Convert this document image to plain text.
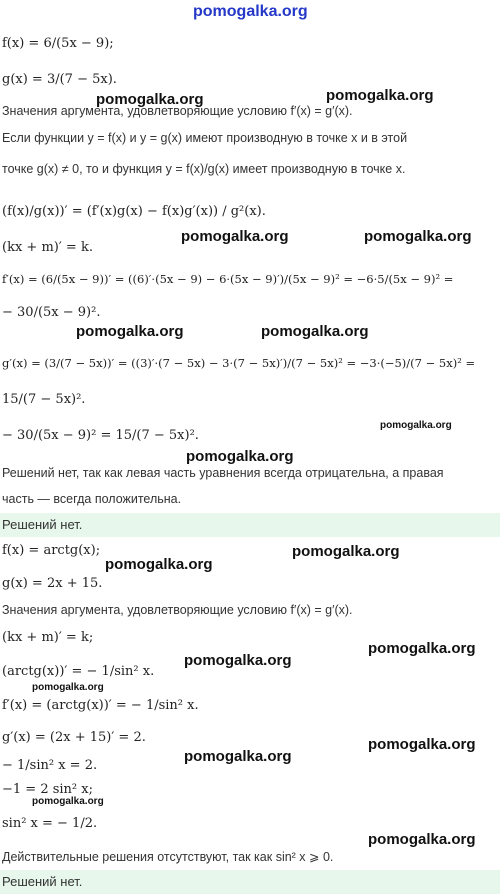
pomogalka.org
f(x) = 6/(5x − 9);
g(x) = 3/(7 − 5x).
pomogalka.org	pomogalka.org
Значения аргумента, удовлетворяющие условию f′(x) = g′(x).
Если функции y = f(x) и y = g(x) имеют производную в точке x и в этой
точке g(x) ≠ 0, то и функция y = f(x)/g(x) имеет производную в точке x.
(f(x)/g(x))′ = (f′(x)g(x) − f(x)g′(x)) / g²(x).
pomogalka.org	pomogalka.org
(kx + m)′ = k.
f′(x) = (6/(5x − 9))′ = ((6)′·(5x − 9) − 6·(5x − 9)′)/(5x − 9)² = −6·5/(5x − 9)² =
− 30/(5x − 9)².
pomogalka.org	pomogalka.org
g′(x) = (3/(7 − 5x))′ = ((3)′·(7 − 5x) − 3·(7 − 5x)′)/(7 − 5x)² = −3·(−5)/(7 − 5x)² =
15/(7 − 5x)².
pomogalka.org
− 30/(5x − 9)² = 15/(7 − 5x)².
pomogalka.org
Решений нет, так как левая часть уравнения всегда отрицательна, а правая
часть — всегда положительна.
Решений нет.
f(x) = arctg(x);	pomogalka.org
pomogalka.org
g(x) = 2x + 15.
Значения аргумента, удовлетворяющие условию f′(x) = g′(x).
(kx + m)′ = k;
pomogalka.org
pomogalka.org
(arctg(x))′ = − 1/sin² x.
pomogalka.org
f′(x) = (arctg(x))′ = − 1/sin² x.
g′(x) = (2x + 15)′ = 2.	pomogalka.org
pomogalka.org
− 1/sin² x = 2.
−1 = 2 sin² x;
pomogalka.org
sin² x = − 1/2.
pomogalka.org
Действительные решения отсутствуют, так как sin² x ⩾ 0.
Решений нет.
